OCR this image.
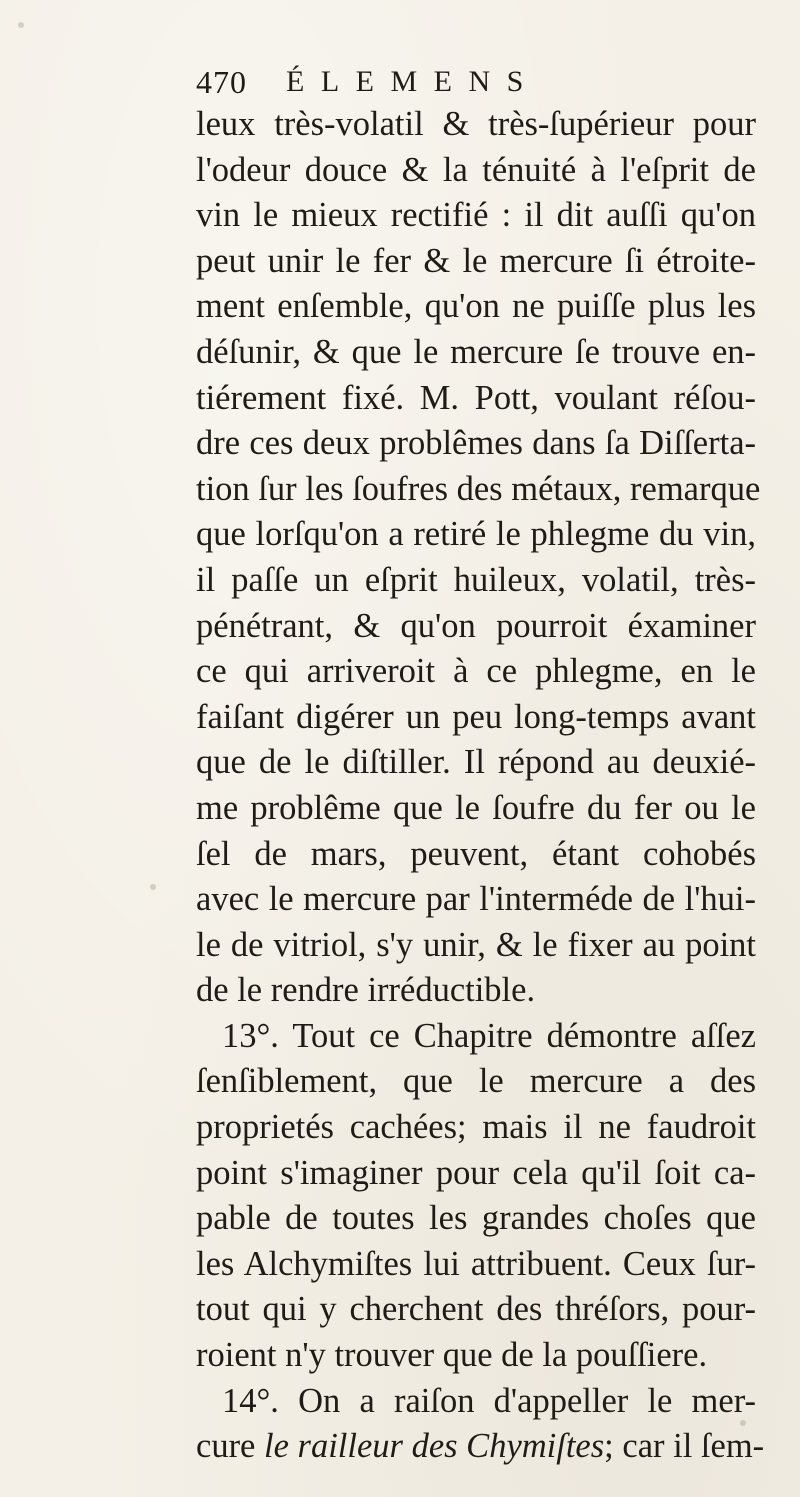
470 ÉLEMENS
leux très-volatil & très-ſupérieur pour
l'odeur douce & la ténuité à l'eſprit de
vin le mieux rectifié : il dit auſſi qu'on
peut unir le fer & le mercure ſi étroite-
ment enſemble, qu'on ne puiſſe plus les
déſunir, & que le mercure ſe trouve en-
tiérement fixé. M. Pott, voulant réſou-
dre ces deux problêmes dans ſa Diſſerta-
tion ſur les ſoufres des métaux, remarque
que lorſqu'on a retiré le phlegme du vin,
il paſſe un eſprit huileux, volatil, très-
pénétrant, & qu'on pourroit éxaminer
ce qui arriveroit à ce phlegme, en le
faiſant digérer un peu long-temps avant
que de le diſtiller. Il répond au deuxié-
me problême que le ſoufre du fer ou le
ſel de mars, peuvent, étant cohobés
avec le mercure par l'interméde de l'hui-
le de vitriol, s'y unir, & le fixer au point
de le rendre irréductible.
13°. Tout ce Chapitre démontre aſſez
ſenſiblement, que le mercure a des
proprietés cachées; mais il ne faudroit
point s'imaginer pour cela qu'il ſoit ca-
pable de toutes les grandes choſes que
les Alchymiſtes lui attribuent. Ceux ſur-
tout qui y cherchent des thréſors, pour-
roient n'y trouver que de la pouſſiere.
14°. On a raiſon d'appeller le mer-
cure le railleur des Chymiſtes; car il ſem-
